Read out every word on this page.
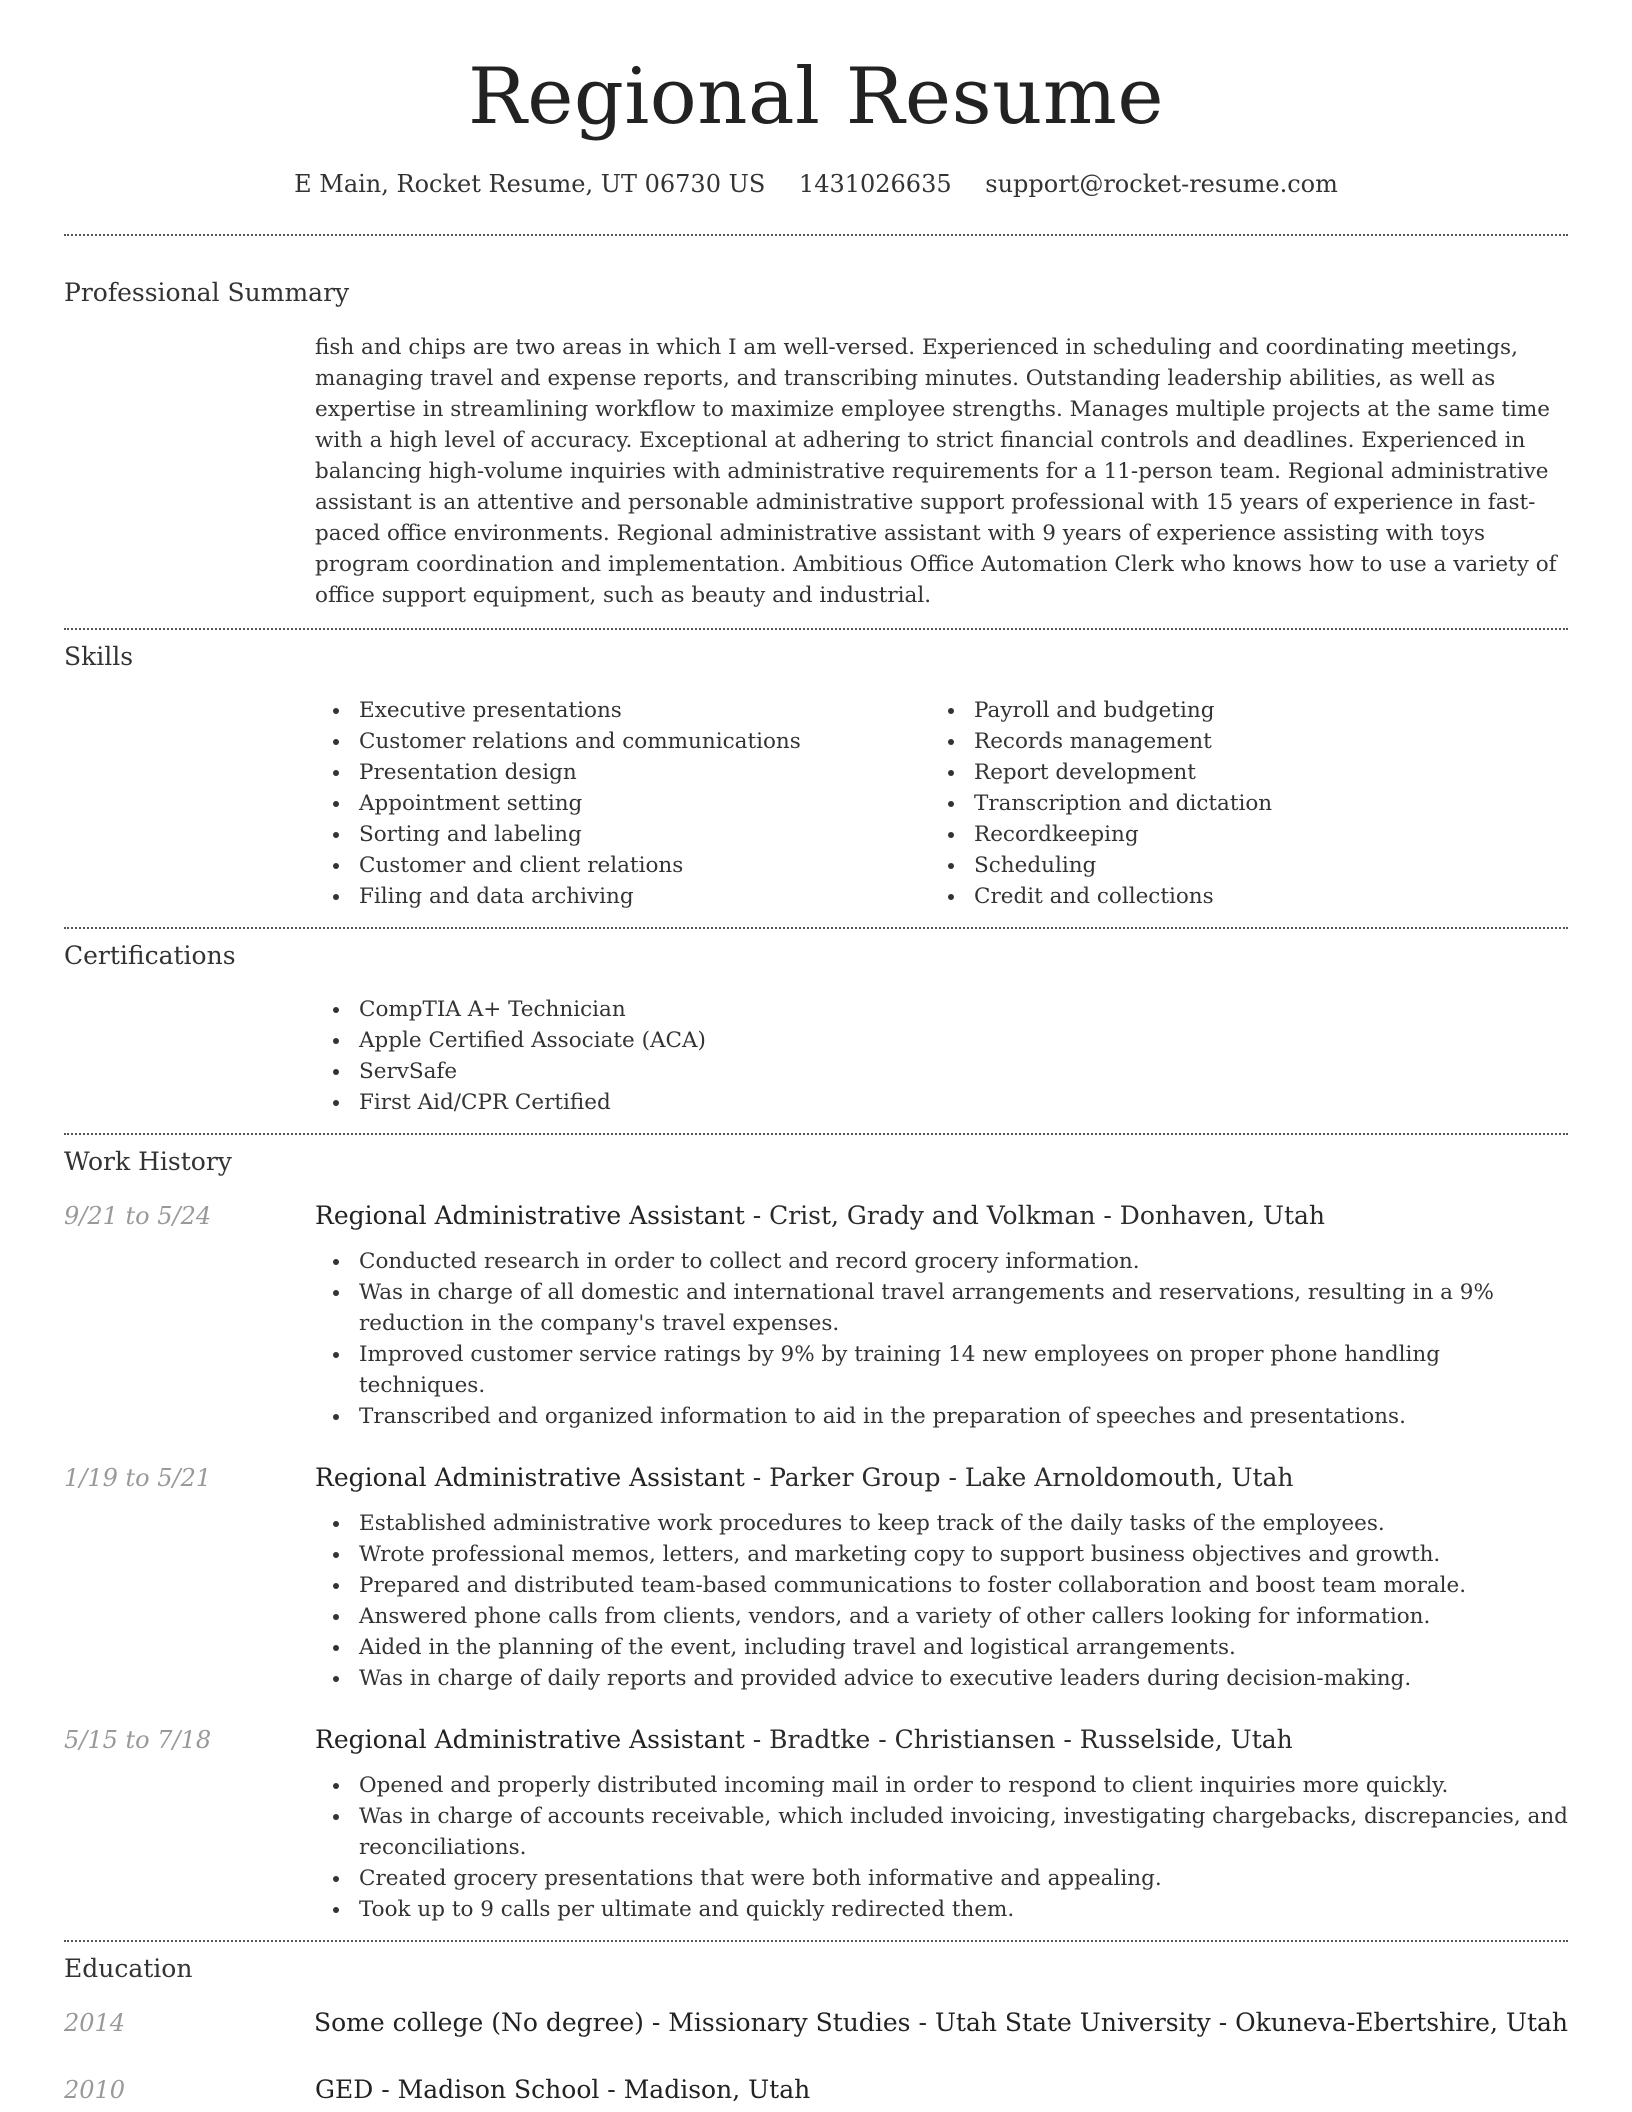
Regional Resume
E Main, Rocket Resume, UT 06730 US 1431026635 support@rocket-resume.com
Professional Summary
fish and chips are two areas in which I am well-versed. Experienced in scheduling and coordinating meetings, managing travel and expense reports, and transcribing minutes. Outstanding leadership abilities, as well as expertise in streamlining workflow to maximize employee strengths. Manages multiple projects at the same time with a high level of accuracy. Exceptional at adhering to strict financial controls and deadlines. Experienced in balancing high-volume inquiries with administrative requirements for a 11-person team. Regional administrative assistant is an attentive and personable administrative support professional with 15 years of experience in fast-paced office environments. Regional administrative assistant with 9 years of experience assisting with toys program coordination and implementation. Ambitious Office Automation Clerk who knows how to use a variety of office support equipment, such as beauty and industrial.
Skills
Executive presentations
Customer relations and communications
Presentation design
Appointment setting
Sorting and labeling
Customer and client relations
Filing and data archiving
Payroll and budgeting
Records management
Report development
Transcription and dictation
Recordkeeping
Scheduling
Credit and collections
Certifications
CompTIA A+ Technician
Apple Certified Associate (ACA)
ServSafe
First Aid/CPR Certified
Work History
9/21 to 5/24	Regional Administrative Assistant - Crist, Grady and Volkman - Donhaven, Utah
Conducted research in order to collect and record grocery information.
Was in charge of all domestic and international travel arrangements and reservations, resulting in a 9% reduction in the company's travel expenses.
Improved customer service ratings by 9% by training 14 new employees on proper phone handling techniques.
Transcribed and organized information to aid in the preparation of speeches and presentations.
1/19 to 5/21	Regional Administrative Assistant - Parker Group - Lake Arnoldomouth, Utah
Established administrative work procedures to keep track of the daily tasks of the employees.
Wrote professional memos, letters, and marketing copy to support business objectives and growth.
Prepared and distributed team-based communications to foster collaboration and boost team morale.
Answered phone calls from clients, vendors, and a variety of other callers looking for information.
Aided in the planning of the event, including travel and logistical arrangements.
Was in charge of daily reports and provided advice to executive leaders during decision-making.
5/15 to 7/18	Regional Administrative Assistant - Bradtke - Christiansen - Russelside, Utah
Opened and properly distributed incoming mail in order to respond to client inquiries more quickly.
Was in charge of accounts receivable, which included invoicing, investigating chargebacks, discrepancies, and reconciliations.
Created grocery presentations that were both informative and appealing.
Took up to 9 calls per ultimate and quickly redirected them.
Education
2014	Some college (No degree) - Missionary Studies - Utah State University - Okuneva-Ebertshire, Utah
2010	GED - Madison School - Madison, Utah
